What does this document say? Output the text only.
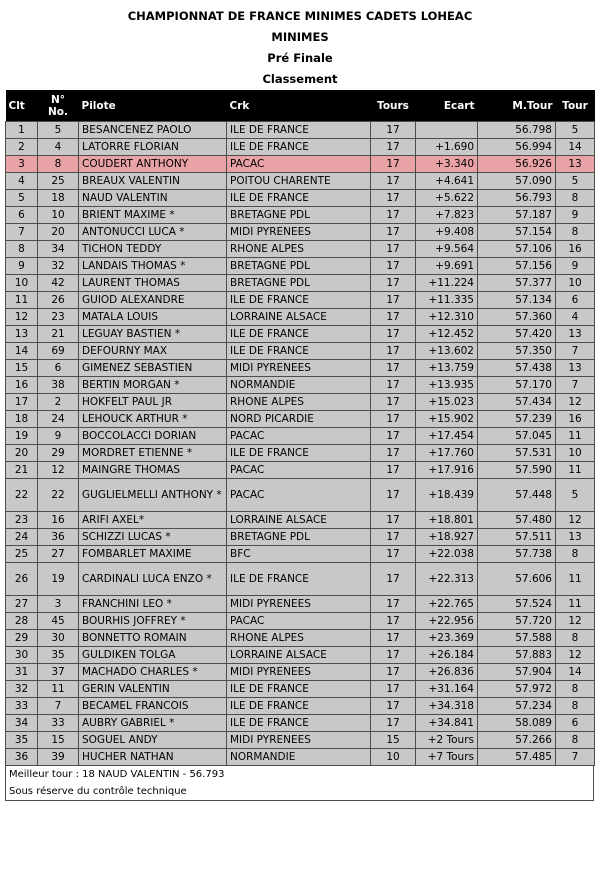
CHAMPIONNAT DE FRANCE MINIMES CADETS LOHEAC
MINIMES
Pré Finale
Classement
Clt	N° No.	Pilote	Crk	Tours	Ecart	M.Tour	Tour
1	5	BESANCENEZ PAOLO	ILE DE FRANCE	17		56.798	5
2	4	LATORRE FLORIAN	ILE DE FRANCE	17	+1.690	56.994	14
3	8	COUDERT ANTHONY	PACAC	17	+3.340	56.926	13
4	25	BREAUX VALENTIN	POITOU CHARENTE	17	+4.641	57.090	5
5	18	NAUD VALENTIN	ILE DE FRANCE	17	+5.622	56.793	8
6	10	BRIENT MAXIME *	BRETAGNE PDL	17	+7.823	57.187	9
7	20	ANTONUCCI LUCA *	MIDI PYRENEES	17	+9.408	57.154	8
8	34	TICHON TEDDY	RHONE ALPES	17	+9.564	57.106	16
9	32	LANDAIS THOMAS *	BRETAGNE PDL	17	+9.691	57.156	9
10	42	LAURENT THOMAS	BRETAGNE PDL	17	+11.224	57.377	10
11	26	GUIOD ALEXANDRE	ILE DE FRANCE	17	+11.335	57.134	6
12	23	MATALA LOUIS	LORRAINE ALSACE	17	+12.310	57.360	4
13	21	LEGUAY BASTIEN *	ILE DE FRANCE	17	+12.452	57.420	13
14	69	DEFOURNY MAX	ILE DE FRANCE	17	+13.602	57.350	7
15	6	GIMENEZ SEBASTIEN	MIDI PYRENEES	17	+13.759	57.438	13
16	38	BERTIN MORGAN *	NORMANDIE	17	+13.935	57.170	7
17	2	HOKFELT PAUL JR	RHONE ALPES	17	+15.023	57.434	12
18	24	LEHOUCK ARTHUR *	NORD PICARDIE	17	+15.902	57.239	16
19	9	BOCCOLACCI DORIAN	PACAC	17	+17.454	57.045	11
20	29	MORDRET ETIENNE *	ILE DE FRANCE	17	+17.760	57.531	10
21	12	MAINGRE THOMAS	PACAC	17	+17.916	57.590	11
22	22	GUGLIELMELLI ANTHONY *	PACAC	17	+18.439	57.448	5
23	16	ARIFI AXEL*	LORRAINE ALSACE	17	+18.801	57.480	12
24	36	SCHIZZI LUCAS *	BRETAGNE PDL	17	+18.927	57.511	13
25	27	FOMBARLET MAXIME	BFC	17	+22.038	57.738	8
26	19	CARDINALI LUCA ENZO *	ILE DE FRANCE	17	+22.313	57.606	11
27	3	FRANCHINI LEO *	MIDI PYRENEES	17	+22.765	57.524	11
28	45	BOURHIS JOFFREY *	PACAC	17	+22.956	57.720	12
29	30	BONNETTO ROMAIN	RHONE ALPES	17	+23.369	57.588	8
30	35	GULDIKEN TOLGA	LORRAINE ALSACE	17	+26.184	57.883	12
31	37	MACHADO CHARLES *	MIDI PYRENEES	17	+26.836	57.904	14
32	11	GERIN VALENTIN	ILE DE FRANCE	17	+31.164	57.972	8
33	7	BECAMEL FRANCOIS	ILE DE FRANCE	17	+34.318	57.234	8
34	33	AUBRY GABRIEL *	ILE DE FRANCE	17	+34.841	58.089	6
35	15	SOGUEL ANDY	MIDI PYRENEES	15	+2 Tours	57.266	8
36	39	HUCHER NATHAN	NORMANDIE	10	+7 Tours	57.485	7
Meilleur tour : 18 NAUD VALENTIN - 56.793
Sous réserve du contrôle technique
